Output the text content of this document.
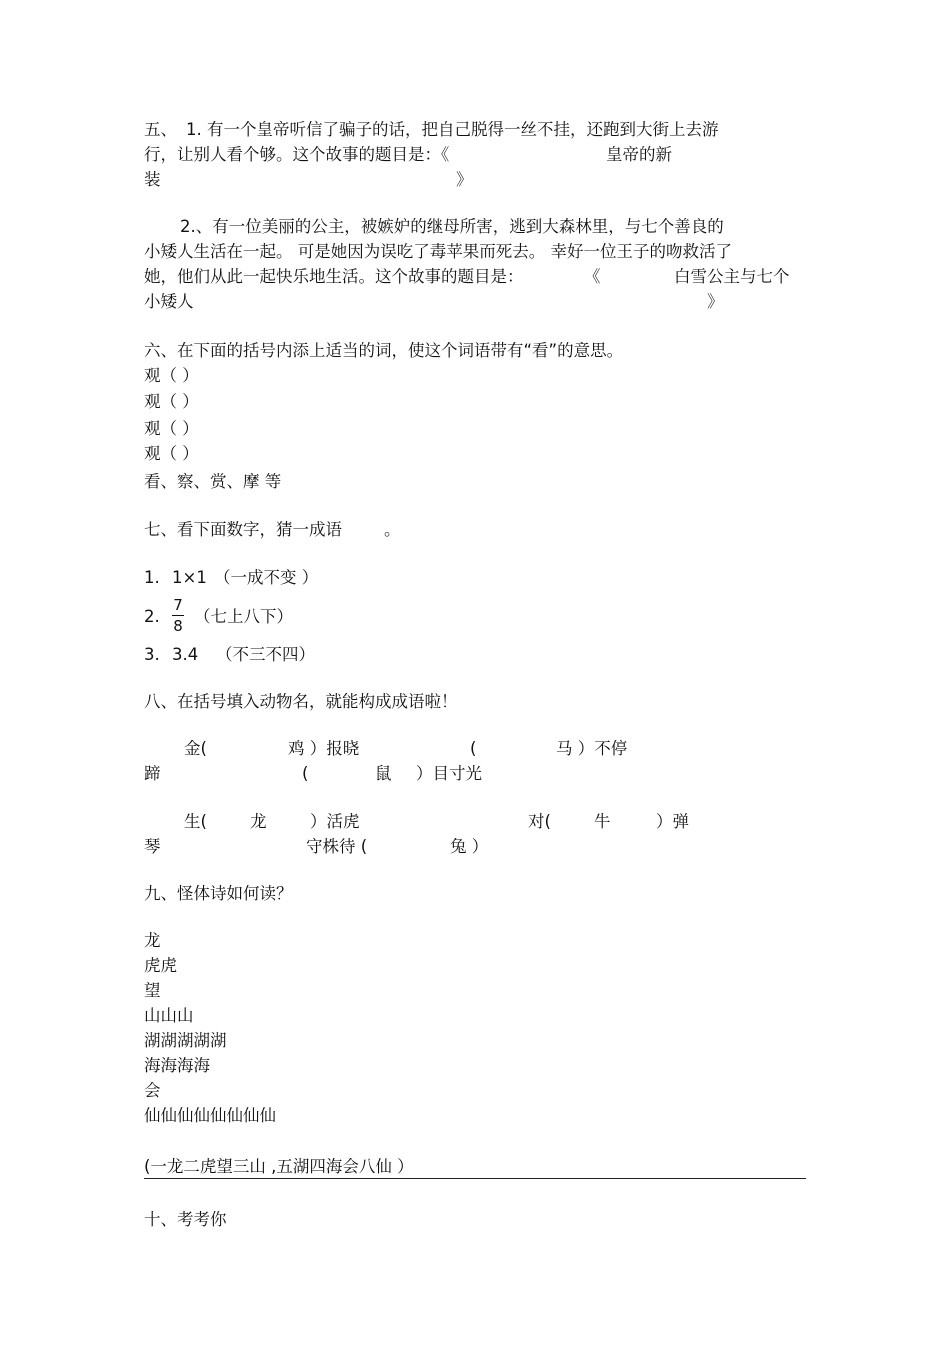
五、 1. 有一个皇帝听信了骗子的话，把自己脱得一丝不挂，还跑到大街上去游
行，让别人看个够。这个故事的题目是：《	皇帝的新
装	》
2.、有一位美丽的公主，被嫉妒的继母所害，逃到大森林里，与七个善良的
小矮人生活在一起。 可是她因为误吃了毒苹果而死去。 幸好一位王子的吻救活了
她，他们从此一起快乐地生活。这个故事的题目是：	《	白雪公主与七个
小矮人	》
六、在下面的括号内添上适当的词，使这个词语带有“看”的意思。
观（ ）
观（ ）
观（ ）
观（ ）
看、察、赏、摩 等
七、看下面数字，猜一成语	。
1. 1×1 （一成不变 ）
2.
7
8 （七上八下）
3. 3.4 （不三不四）
八、在括号填入动物名，就能构成成语啦！
金(	鸡 ）报晓	(	马 ）不停
蹄	(	鼠 ）目寸光
生(	龙	）活虎	对(	牛	）弹
琴	守株待 (	兔 ）
九、怪体诗如何读？
龙
虎虎
望
山山山
湖湖湖湖湖
海海海海
会
仙仙仙仙仙仙仙仙
(一龙二虎望三山 ,五湖四海会八仙 ）
十、考考你
